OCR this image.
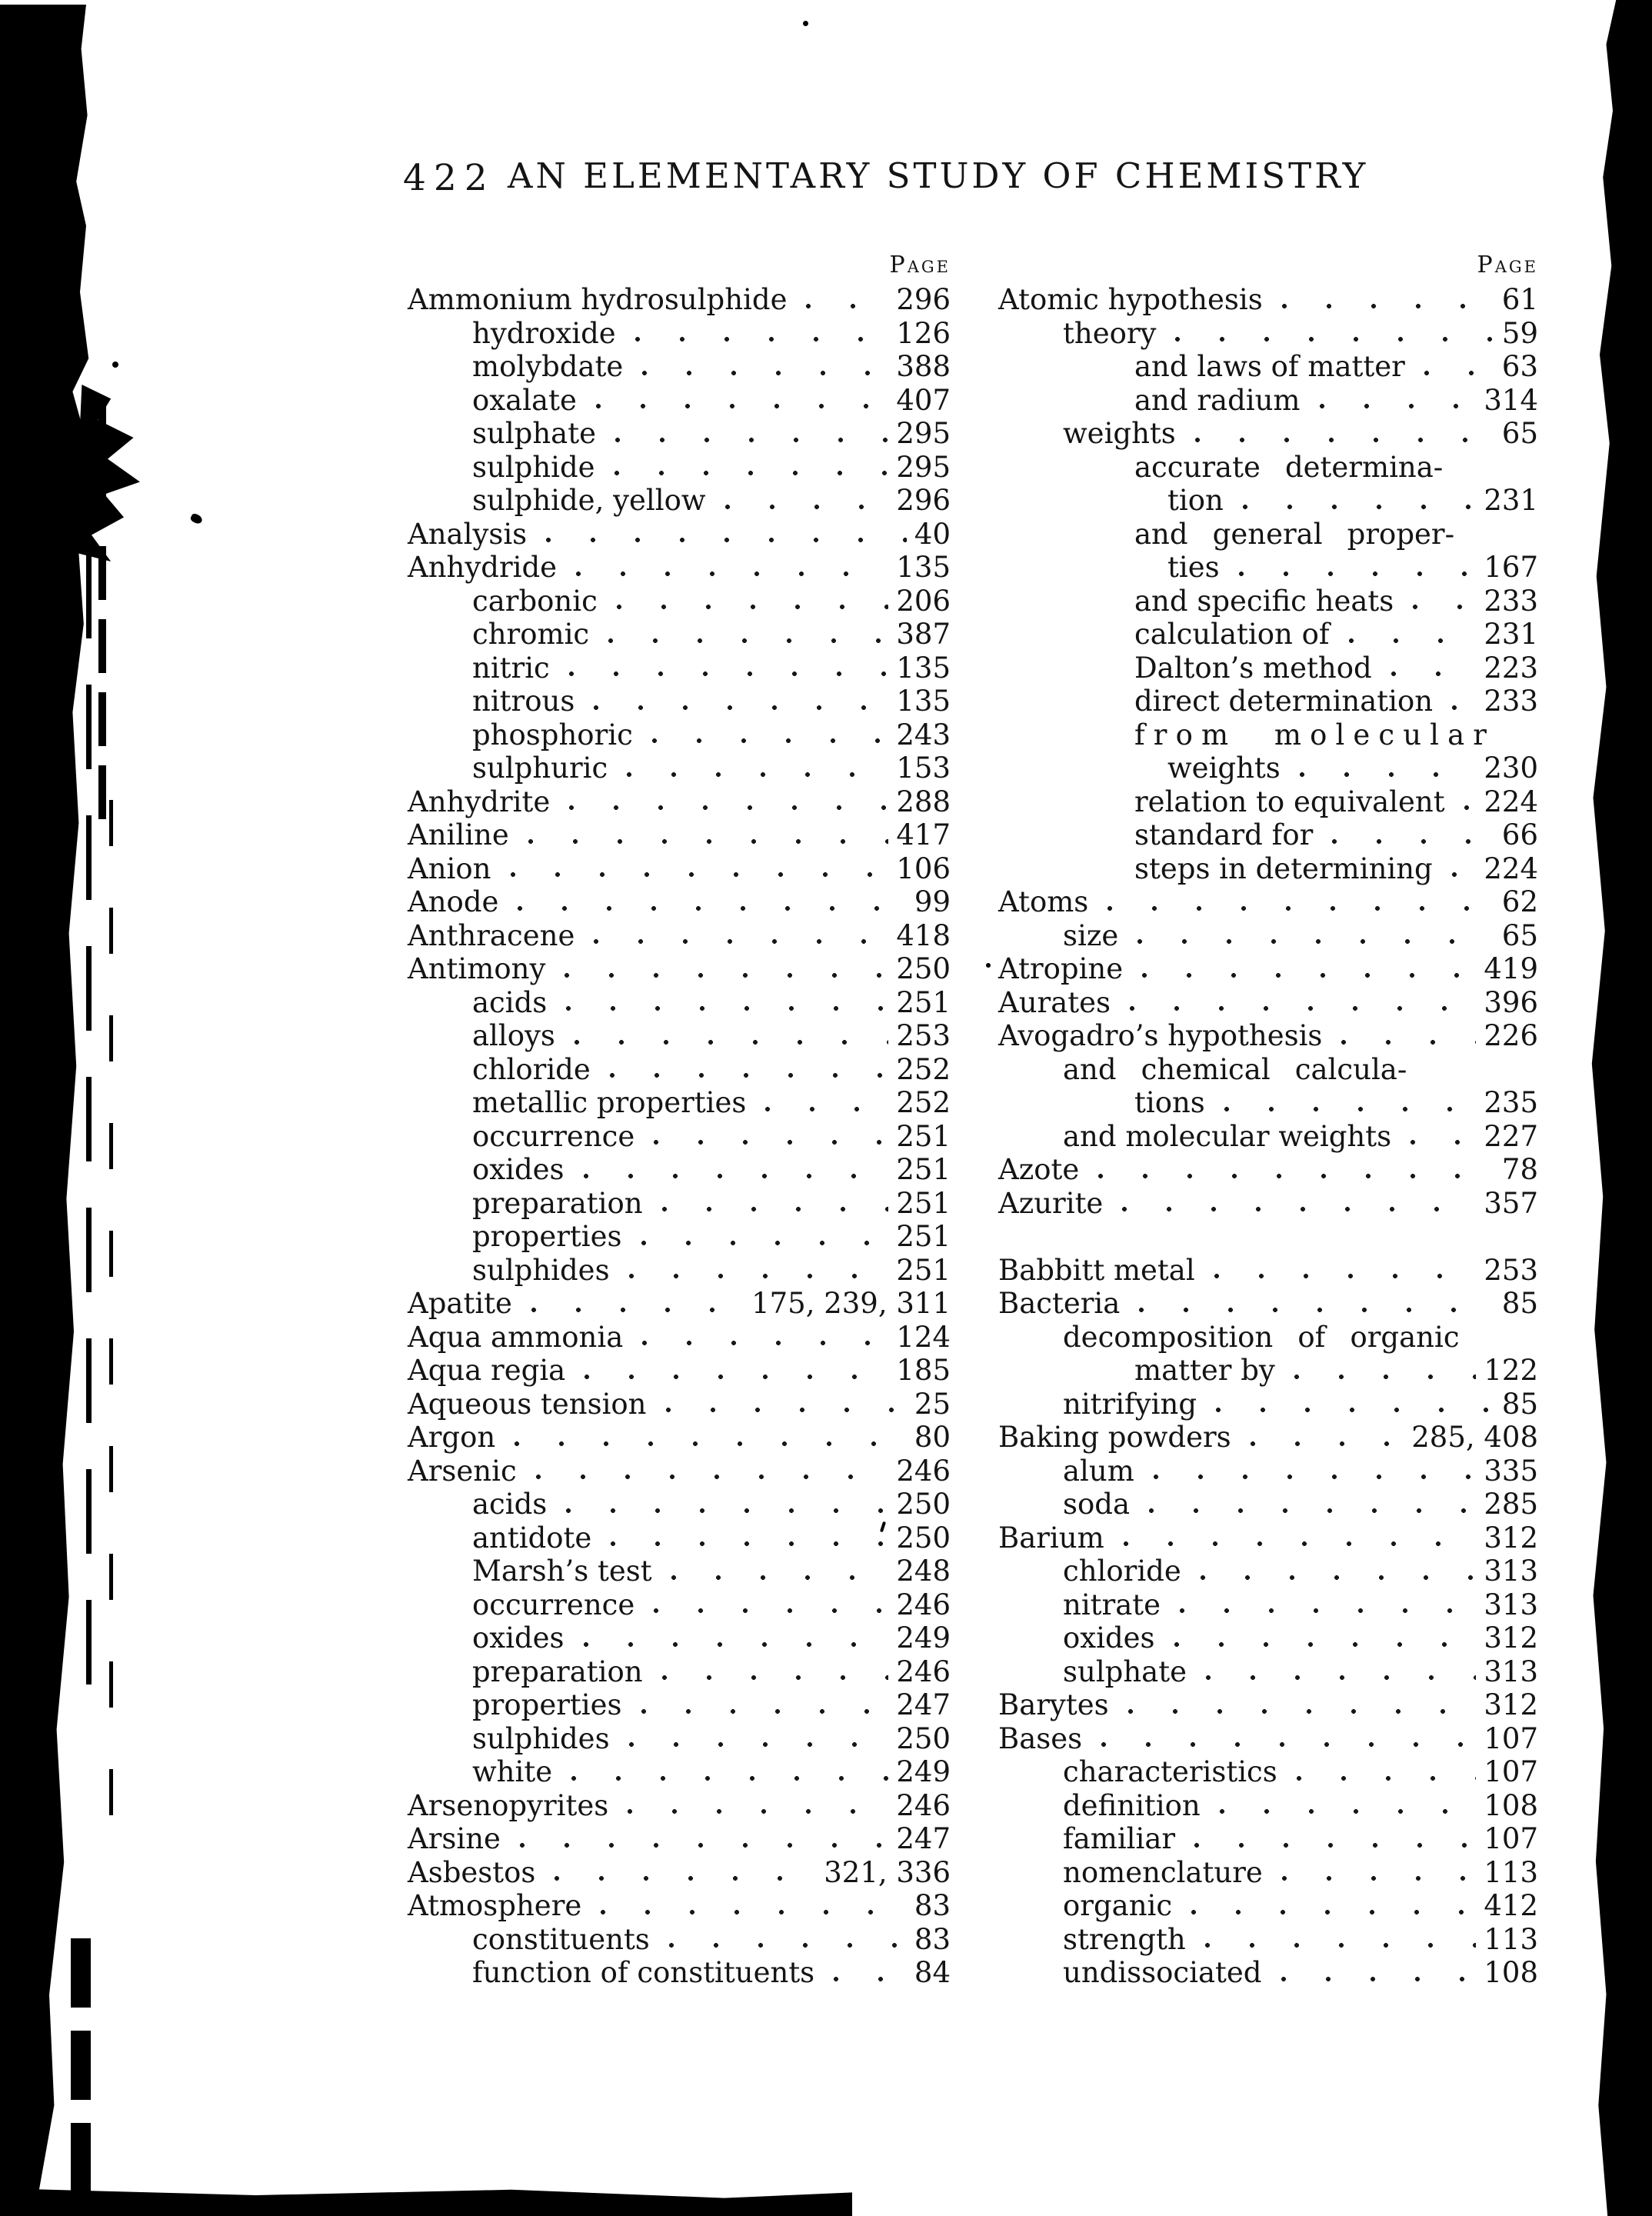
422 AN ELEMENTARY STUDY OF CHEMISTRY
Page
Ammonium hydrosulphide	296
hydroxide	126
molybdate	388
oxalate	407
sulphate	295
sulphide	295
sulphide, yellow	296
Analysis	40
Anhydride	135
carbonic	206
chromic	387
nitric	135
nitrous	135
phosphoric	243
sulphuric	153
Anhydrite	288
Aniline	417
Anion	106
Anode	99
Anthracene	418
Antimony	250
acids	251
alloys	253
chloride	252
metallic properties	252
occurrence	251
oxides	251
preparation	251
properties	251
sulphides	251
Apatite	175, 239, 311
Aqua ammonia	124
Aqua regia	185
Aqueous tension	25
Argon	80
Arsenic	246
acids	250
antidote	250
Marsh’s test	248
occurrence	246
oxides	249
preparation	246
properties	247
sulphides	250
white	249
Arsenopyrites	246
Arsine	247
Asbestos	321, 336
Atmosphere	83
constituents	83
function of constituents	84
Page
Atomic hypothesis	61
theory	59
and laws of matter	63
and radium	314
weights	65
accurate determina-
tion	231
and general proper-
ties	167
and specific heats	233
calculation of	231
Dalton’s method	223
direct determination 233
from molecular
weights	230
relation to equivalent 224
standard for	66
steps in determining 224
Atoms	62
size	65
Atropine	419
Aurates	396
Avogadro’s hypothesis	226
and chemical calcula-
tions	235
and molecular weights	227
Azote	78
Azurite	357
Babbitt metal	253
Bacteria	85
decomposition of organic
matter by	122
nitrifying	85
Baking powders	285, 408
alum	335
soda	285
Barium	312
chloride	313
nitrate	313
oxides	312
sulphate	313
Barytes	312
Bases	107
characteristics	107
definition	108
familiar	107
nomenclature	113
organic	412
strength	113
undissociated	108
